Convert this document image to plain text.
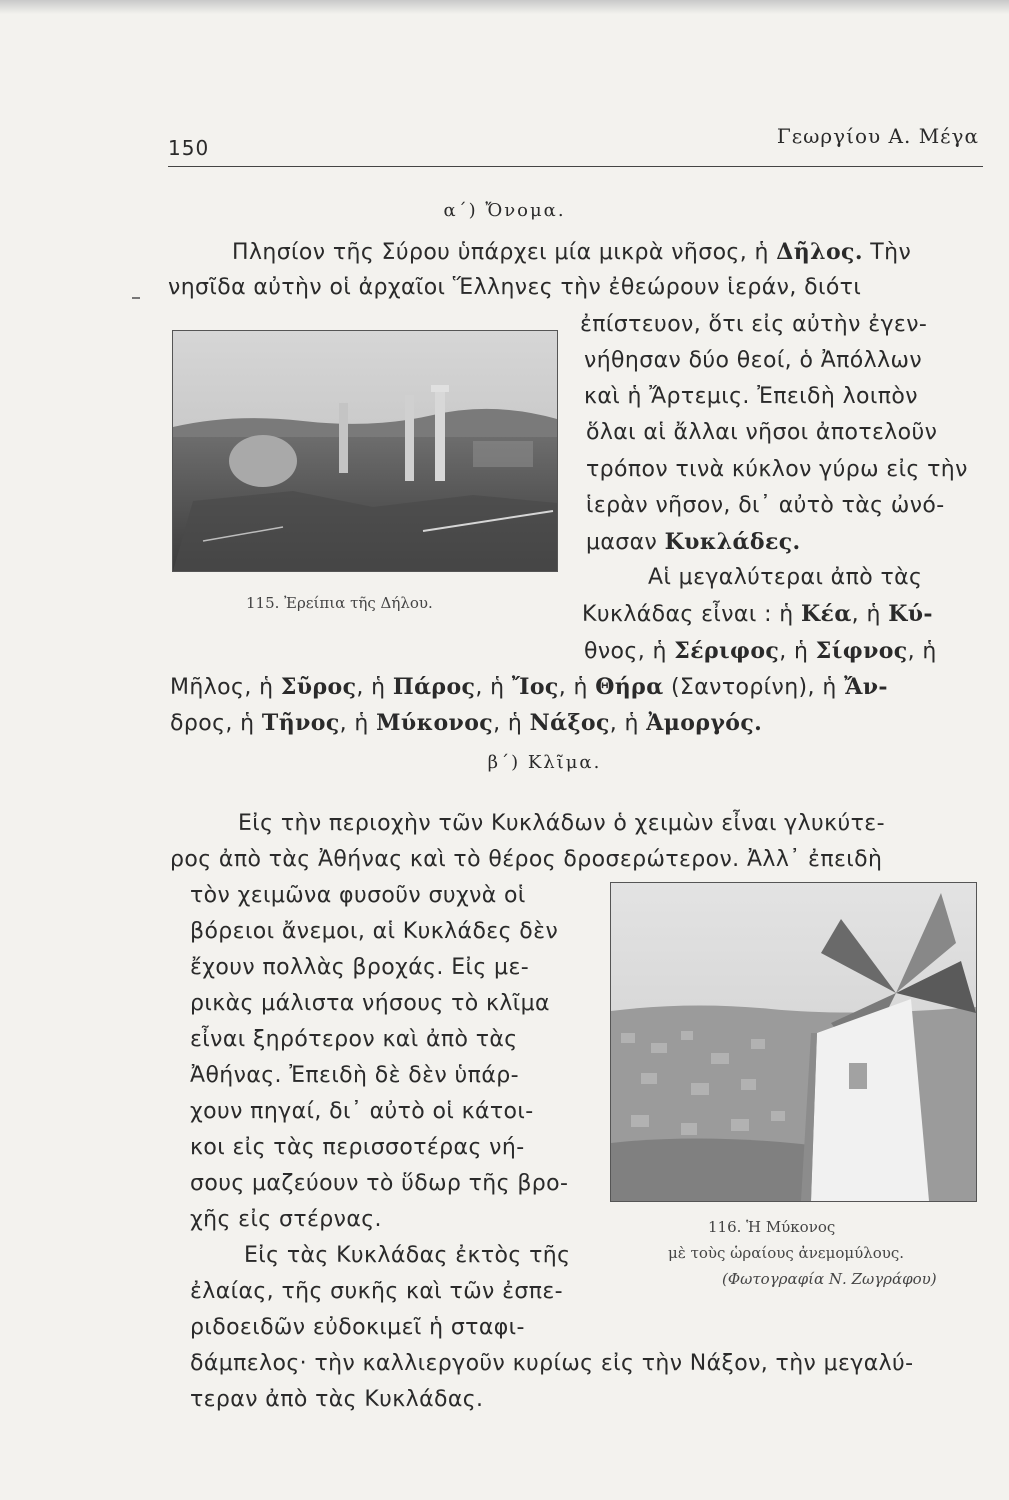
150	Γεωργίου Α. Μέγα
α΄) Ὄνομα.
Πλησίον τῆς Σύρου ὑπάρχει μία μικρὰ νῆσος, ἡ Δῆλος. Τὴν
νησῖδα αὐτὴν οἱ ἀρχαῖοι Ἕλληνες τὴν ἐθεώρουν ἱεράν, διότι
ἐπίστευον, ὅτι εἰς αὐτὴν ἐγεν-
νήθησαν δύο θεοί, ὁ Ἀπόλλων
καὶ ἡ Ἄρτεμις. Ἐπειδὴ λοιπὸν
ὅλαι αἱ ἄλλαι νῆσοι ἀποτελοῦν
τρόπον τινὰ κύκλον γύρω εἰς τὴν
ἱερὰν νῆσον, δι᾽ αὐτὸ τὰς ὠνό-
μασαν Κυκλάδες.
Αἱ μεγαλύτεραι ἀπὸ τὰς
Κυκλάδας εἶναι : ἡ Κέα, ἡ Κύ-
θνος, ἡ Σέριφος, ἡ Σίφνος, ἡ
Μῆλος, ἡ Σῦρος, ἡ Πάρος, ἡ Ἴος, ἡ Θήρα (Σαντορίνη), ἡ Ἄν-
δρος, ἡ Τῆνος, ἡ Μύκονος, ἡ Νάξος, ἡ Ἀμοργός.
115. Ἐρείπια τῆς Δήλου.
β΄) Κλῖμα.
Εἰς τὴν περιοχὴν τῶν Κυκλάδων ὁ χειμὼν εἶναι γλυκύτε-
ρος ἀπὸ τὰς Ἀθήνας καὶ τὸ θέρος δροσερώτερον. Ἀλλ᾽ ἐπειδὴ
τὸν χειμῶνα φυσοῦν συχνὰ οἱ
βόρειοι ἄνεμοι, αἱ Κυκλάδες δὲν
ἔχουν πολλὰς βροχάς. Εἰς με-
ρικὰς μάλιστα νήσους τὸ κλῖμα
εἶναι ξηρότερον καὶ ἀπὸ τὰς
Ἀθήνας. Ἐπειδὴ δὲ δὲν ὑπάρ-
χουν πηγαί, δι᾽ αὐτὸ οἱ κάτοι-
κοι εἰς τὰς περισσοτέρας νή-
σους μαζεύουν τὸ ὕδωρ τῆς βρο-
χῆς εἰς στέρνας.
Εἰς τὰς Κυκλάδας ἐκτὸς τῆς
ἐλαίας, τῆς συκῆς καὶ τῶν ἐσπε-
ριδοειδῶν εὐδοκιμεῖ ἡ σταφι-
δάμπελος· τὴν καλλιεργοῦν κυρίως εἰς τὴν Νάξον, τὴν μεγαλύ-
τεραν ἀπὸ τὰς Κυκλάδας.
116. Ἡ Μύκονος
μὲ τοὺς ὡραίους ἀνεμομύλους.
(Φωτογραφία Ν. Ζωγράφου)
